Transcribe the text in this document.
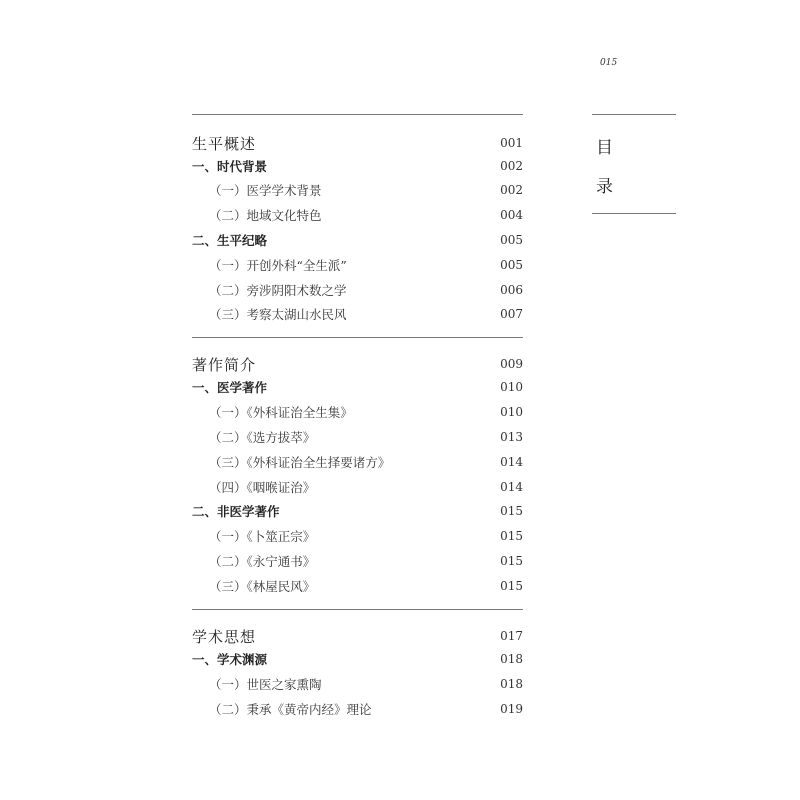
015
目
录
生平概述	001
一、时代背景	002
（一）医学学术背景	002
（二）地域文化特色	004
二、生平纪略	005
（一）开创外科“全生派”	005
（二）旁涉阴阳术数之学	006
（三）考察太湖山水民风	007
著作简介	009
一、医学著作	010
（一）《外科证治全生集》	010
（二）《选方拔萃》	013
（三）《外科证治全生择要诸方》	014
（四）《咽喉证治》	014
二、非医学著作	015
（一）《卜筮正宗》	015
（二）《永宁通书》	015
（三）《林屋民风》	015
学术思想	017
一、学术渊源	018
（一）世医之家熏陶	018
（二）秉承《黄帝内经》理论	019
